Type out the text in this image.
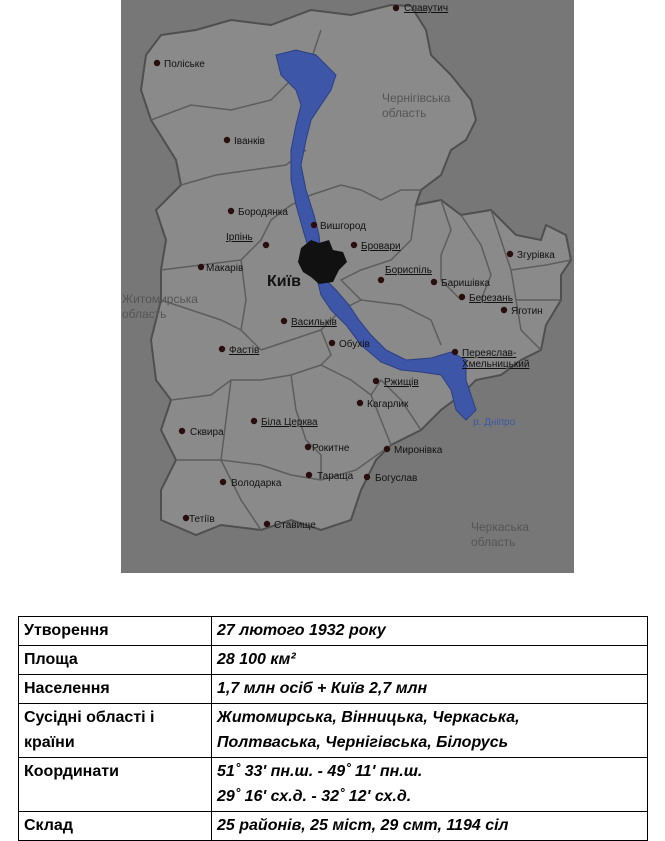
Славутич
Поліське
Іванків
Бородянка
Вишгород
Ірпінь
Бровари
Макарів	Бориспіль
Баришівка
Згурівка
Березань
Яготин
Васильків
Обухів
Фастів	Переяслав-
Хмельницький
Ржищів
Кагарлик
Біла Церква
Сквира
Рокитне	Миронівка
Володарка
Тараща Богуслав
Тетіїв
Ставище
Київ
р. Дніпро
Чернігівська
область
Житомирська
область
Черкаська
область
Утворення	27 лютого 1932 року

Площа	28 100 км²

Населення	1,7 млн осіб + Київ 2,7 млн

Сусідні області і країни	Житомирська, Вінницька, Черкаська,
Полтваська, Чернігівська, Білорусь

Координати	51˚ 33' пн.ш. - 49˚ 11' пн.ш.
29˚ 16' сх.д. - 32˚ 12' сх.д.

Склад	25 районів, 25 міст, 29 смт, 1194 сіл
